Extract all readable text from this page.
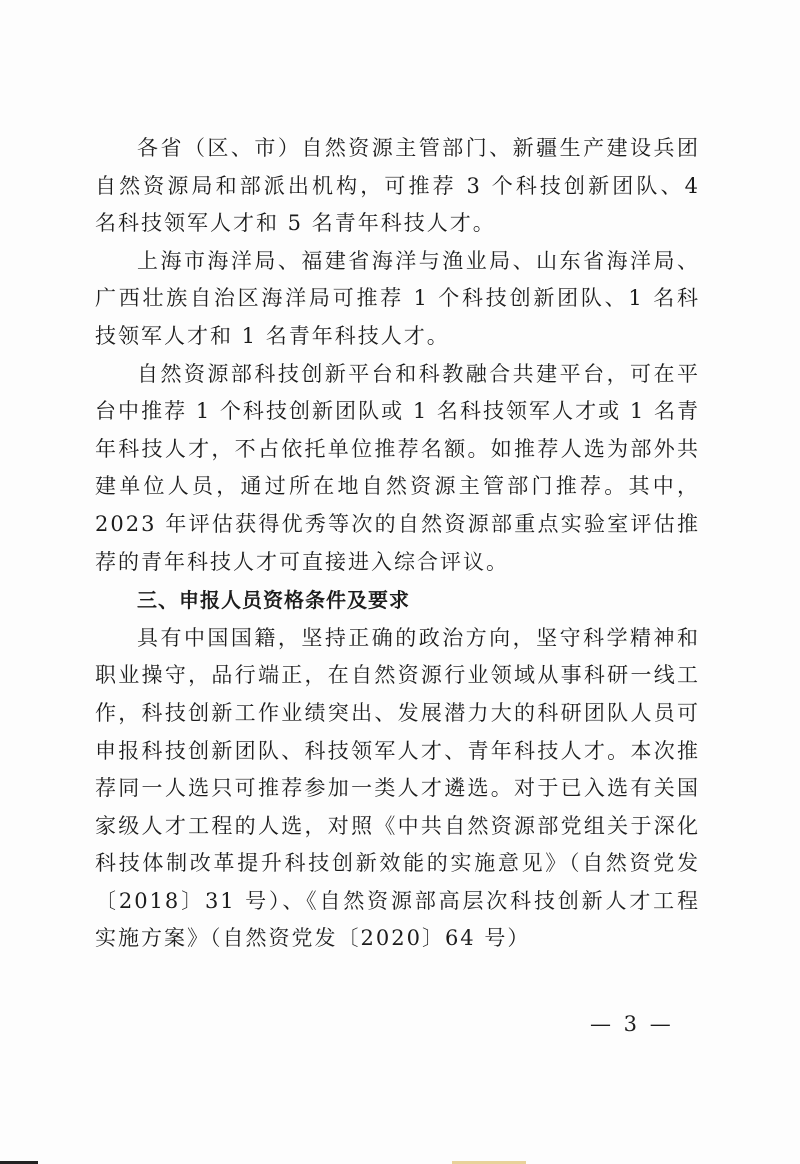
各省（区、市）自然资源主管部门、新疆生产建设兵团自然资源局和部派出机构，可推荐 3 个科技创新团队、4 名科技领军人才和 5 名青年科技人才。

上海市海洋局、福建省海洋与渔业局、山东省海洋局、广西壮族自治区海洋局可推荐 1 个科技创新团队、1 名科技领军人才和 1 名青年科技人才。

自然资源部科技创新平台和科教融合共建平台，可在平台中推荐 1 个科技创新团队或 1 名科技领军人才或 1 名青年科技人才，不占依托单位推荐名额。如推荐人选为部外共建单位人员，通过所在地自然资源主管部门推荐。其中，2023 年评估获得优秀等次的自然资源部重点实验室评估推荐的青年科技人才可直接进入综合评议。

三、申报人员资格条件及要求

具有中国国籍，坚持正确的政治方向，坚守科学精神和职业操守，品行端正，在自然资源行业领域从事科研一线工作，科技创新工作业绩突出、发展潜力大的科研团队人员可申报科技创新团队、科技领军人才、青年科技人才。本次推荐同一人选只可推荐参加一类人才遴选。对于已入选有关国家级人才工程的人选，对照《中共自然资源部党组关于深化科技体制改革提升科技创新效能的实施意见》（自然资党发〔2018〕31 号）、《自然资源部高层次科技创新人才工程实施方案》（自然资党发〔2020〕64 号）

— 3 —
